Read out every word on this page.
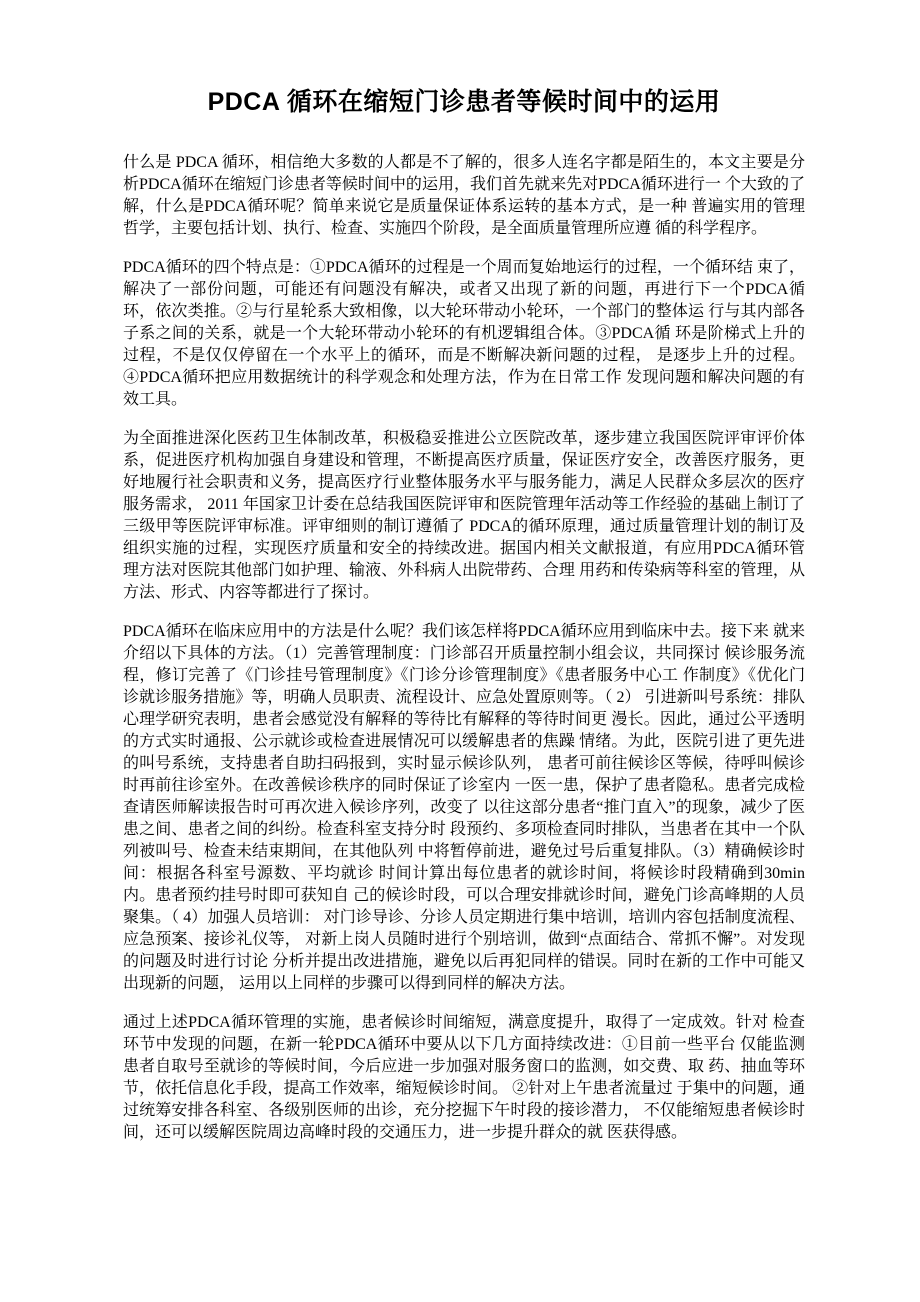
PDCA 循环在缩短门诊患者等候时间中的运用

什么是 PDCA 循环，相信绝大多数的人都是不了解的，很多人连名字都是陌生的，本文主要是分析PDCA循环在缩短门诊患者等候时间中的运用，我们首先就来先对PDCA循环进行一 个大致的了解，什么是PDCA循环呢？简单来说它是质量保证体系运转的基本方式，是一种 普遍实用的管理哲学，主要包括计划、执行、检查、实施四个阶段，是全面质量管理所应遵 循的科学程序。

PDCA循环的四个特点是：①PDCA循环的过程是一个周而复始地运行的过程，一个循环结 束了，解决了一部份问题，可能还有问题没有解决，或者又出现了新的问题，再进行下一个PDCA循环，依次类推。②与行星轮系大致相像，以大轮环带动小轮环，一个部门的整体运 行与其内部各子系之间的关系，就是一个大轮环带动小轮环的有机逻辑组合体。③PDCA循 环是阶梯式上升的过程，不是仅仅停留在一个水平上的循环，而是不断解决新问题的过程， 是逐步上升的过程。④PDCA循环把应用数据统计的科学观念和处理方法，作为在日常工作 发现问题和解决问题的有效工具。

为全面推进深化医药卫生体制改革，积极稳妥推进公立医院改革，逐步建立我国医院评审评价体系，促进医疗机构加强自身建设和管理，不断提高医疗质量，保证医疗安全，改善医疗服务，更好地履行社会职责和义务，提高医疗行业整体服务水平与服务能力，满足人民群众多层次的医疗服务需求， 2011 年国家卫计委在总结我国医院评审和医院管理年活动等工作经验的基础上制订了三级甲等医院评审标准。评审细则的制订遵循了 PDCA的循环原理，通过质量管理计划的制订及组织实施的过程，实现医疗质量和安全的持续改进。据国内相关文献报道，有应用PDCA循环管理方法对医院其他部门如护理、输液、外科病人出院带药、合理 用药和传染病等科室的管理，从方法、形式、内容等都进行了探讨。

PDCA循环在临床应用中的方法是什么呢？我们该怎样将PDCA循环应用到临床中去。接下来 就来介绍以下具体的方法。（1）完善管理制度：门诊部召开质量控制小组会议，共同探讨 候诊服务流程，修订完善了《门诊挂号管理制度》《门诊分诊管理制度》《患者服务中心工 作制度》《优化门诊就诊服务措施》等，明确人员职责、流程设计、应急处置原则等。（ 2） 引进新叫号系统：排队心理学研究表明，患者会感觉没有解释的等待比有解释的等待时间更 漫长。因此，通过公平透明的方式实时通报、公示就诊或检查进展情况可以缓解患者的焦躁 情绪。为此，医院引进了更先进的叫号系统，支持患者自助扫码报到，实时显示候诊队列， 患者可前往候诊区等候，待呼叫候诊时再前往诊室外。在改善候诊秩序的同时保证了诊室内 一医一患，保护了患者隐私。患者完成检查请医师解读报告时可再次进入候诊序列，改变了 以往这部分患者“推门直入”的现象，减少了医患之间、患者之间的纠纷。检查科室支持分时 段预约、多项检查同时排队，当患者在其中一个队列被叫号、检查未结束期间，在其他队列 中将暂停前进，避免过号后重复排队。（3）精确候诊时间：根据各科室号源数、平均就诊 时间计算出每位患者的就诊时间，将候诊时段精确到30min内。患者预约挂号时即可获知自 己的候诊时段，可以合理安排就诊时间，避免门诊高峰期的人员聚集。（ 4）加强人员培训： 对门诊导诊、分诊人员定期进行集中培训，培训内容包括制度流程、应急预案、接诊礼仪等， 对新上岗人员随时进行个别培训，做到“点面结合、常抓不懈”。对发现的问题及时进行讨论 分析并提出改进措施，避免以后再犯同样的错误。同时在新的工作中可能又出现新的问题， 运用以上同样的步骤可以得到同样的解决方法。

通过上述PDCA循环管理的实施，患者候诊时间缩短，满意度提升，取得了一定成效。针对 检查环节中发现的问题，在新一轮PDCA循环中要从以下几方面持续改进：①目前一些平台 仅能监测患者自取号至就诊的等候时间，今后应进一步加强对服务窗口的监测，如交费、取 药、抽血等环节，依托信息化手段，提高工作效率，缩短候诊时间。 ②针对上午患者流量过 于集中的问题，通过统筹安排各科室、各级别医师的出诊，充分挖掘下午时段的接诊潜力， 不仅能缩短患者候诊时间，还可以缓解医院周边高峰时段的交通压力，进一步提升群众的就 医获得感。
